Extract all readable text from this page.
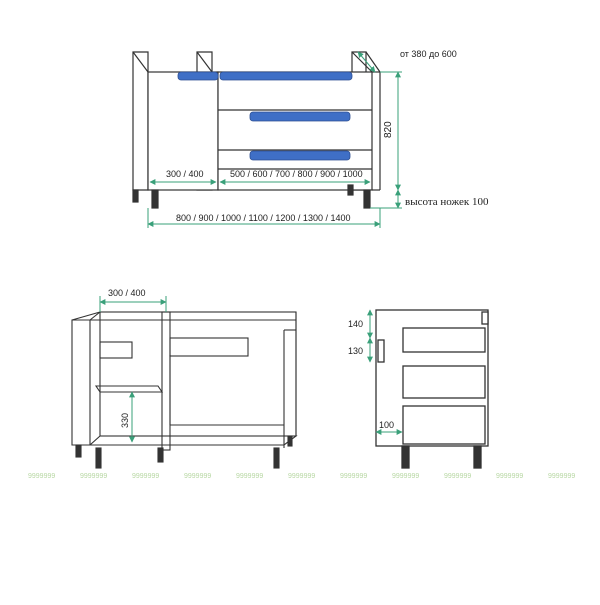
от 380 до 600
820
300 / 400	500 / 600 / 700 / 800 / 900 / 1000
800 / 900 / 1000 / 1100 / 1200 / 1300 / 1400
высота ножек 100
300 / 400
330
140
130
100
9999999	9999999	9999999	9999999	9999999	9999999	9999999	9999999	9999999	9999999	9999999
